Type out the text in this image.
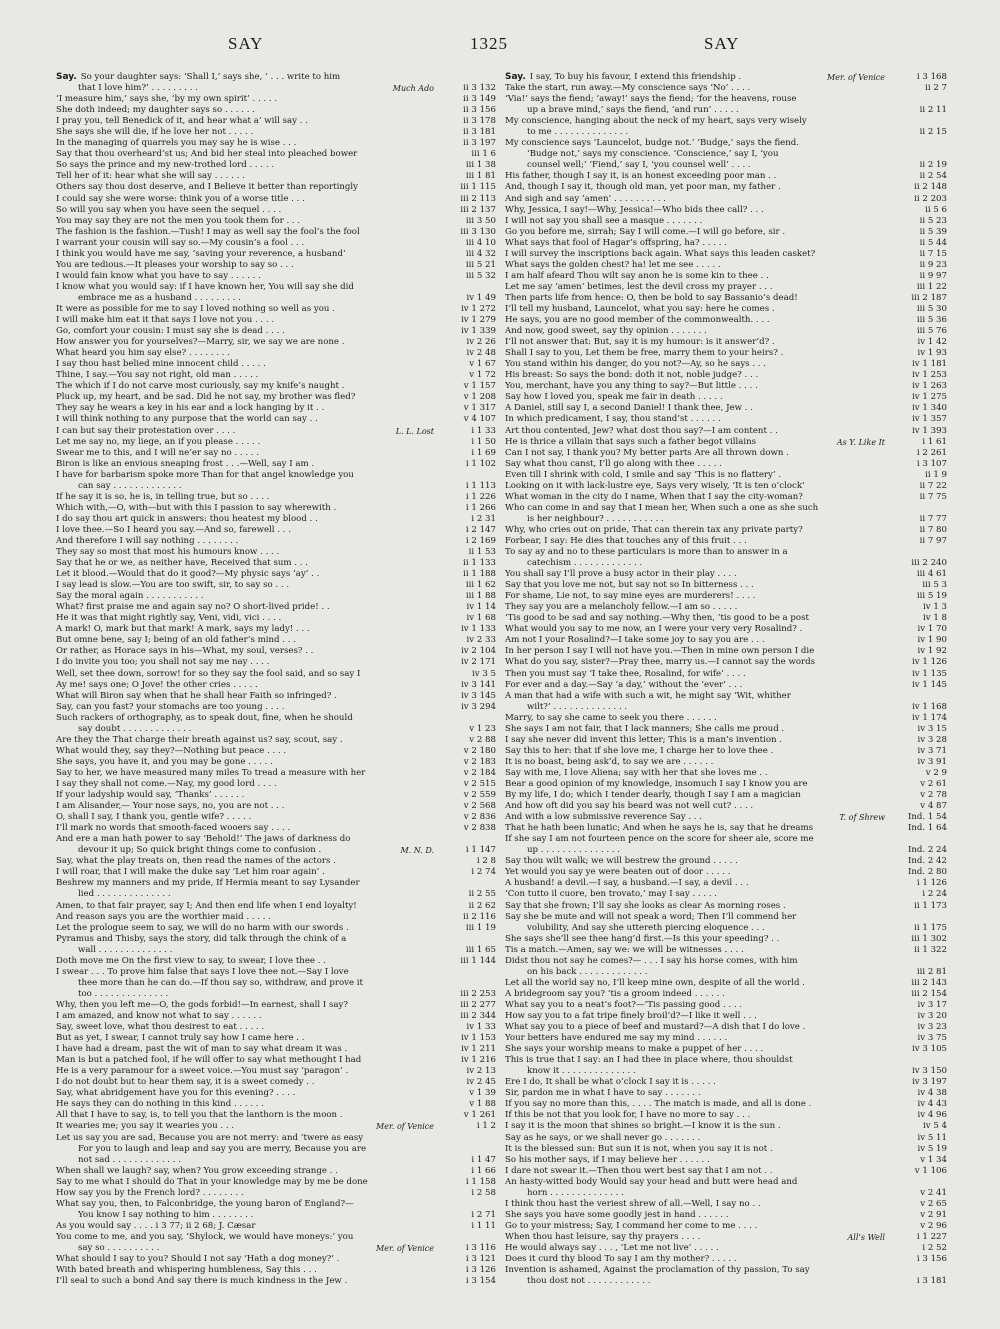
SAY	1325	SAY
Say. So your daughter says: ‘Shall I,’ says she, ‘ . . . write to him
that I love him?’ . . . . . . . . .	Much Ado	ii 3 132
‘I measure him,’ says she, ‘by my own spirit’ . . . . .	ii 3 149
She doth indeed; my daughter says so . . . . . .	ii 3 156
I pray you, tell Benedick of it, and hear what a’ will say . .	ii 3 178
She says she will die, if he love her not . . . . .	ii 3 181
In the managing of quarrels you may say he is wise . . .	ii 3 197
Say that thou overheard’st us; And bid her steal into pleached bower	iii 1 6
So says the prince and my new-trothed lord . . . . .	iii 1 38
Tell her of it: hear what she will say . . . . . .	iii 1 81
Others say thou dost deserve, and I Believe it better than reportingly	iii 1 115
I could say she were worse: think you of a worse title . . .	iii 2 113
So will you say when you have seen the sequel . . . .	iii 2 137
You may say they are not the men you took them for . . .	iii 3 50
The fashion is the fashion.—Tush! I may as well say the fool’s the fool	iii 3 130
I warrant your cousin will say so.—My cousin’s a fool . . .	iii 4 10
I think you would have me say, ‘saving your reverence, a husband’	iii 4 32
You are tedious.—It pleases your worship to say so . . .	iii 5 21
I would fain know what you have to say . . . . . .	iii 5 32
I know what you would say: if I have known her, You will say she did
embrace me as a husband . . . . . . . . .	iv 1 49
It were as possible for me to say I loved nothing so well as you .	iv 1 272
I will make him eat it that says I love not you . . . .	iv 1 279
Go, comfort your cousin: I must say she is dead . . . .	iv 1 339
How answer you for yourselves?—Marry, sir, we say we are none .	iv 2 26
What heard you him say else? . . . . . . . .	iv 2 48
I say thou hast belied mine innocent child . . . . .	v 1 67
Thine, I say.—You say not right, old man . . . . .	v 1 72
The which if I do not carve most curiously, say my knife’s naught .	v 1 157
Pluck up, my heart, and be sad. Did he not say, my brother was fled?	v 1 208
They say he wears a key in his ear and a lock hanging by it . .	v 1 317
I will think nothing to any purpose that the world can say . .	v 4 107
I can but say their protestation over . . . .	L. L. Lost	i 1 33
Let me say no, my liege, an if you please . . . . .	i 1 50
Swear me to this, and I will ne’er say no . . . . .	i 1 69
Biron is like an envious sneaping frost . . .—Well, say I am .	i 1 102
I have for barbarism spoke more Than for that angel knowledge you
can say . . . . . . . . . . . . .	i 1 113
If he say it is so, he is, in telling true, but so . . . .	i 1 226
Which with,—O, with—but with this I passion to say wherewith .	i 1 266
I do say thou art quick in answers: thou heatest my blood . .	i 2 31
I love thee.—So I heard you say.—And so, farewell . . .	i 2 147
And therefore I will say nothing . . . . . . . .	i 2 169
They say so most that most his humours know . . . .	ii 1 53
Say that he or we, as neither have, Received that sum . . .	ii 1 133
Let it blood.—Would that do it good?—My physic says ‘ay’ . .	ii 1 188
I say lead is slow.—You are too swift, sir, to say so . . .	iii 1 62
Say the moral again . . . . . . . . . . .	iii 1 88
What? first praise me and again say no? O short-lived pride! . .	iv 1 14
He it was that might rightly say, Veni, vidi, vici . . . .	iv 1 68
A mark! O, mark but that mark! A mark, says my lady! . . .	iv 1 133
But omne bene, say I; being of an old father’s mind . . .	iv 2 33
Or rather, as Horace says in his—What, my soul, verses? . .	iv 2 104
I do invite you too; you shall not say me nay . . . .	iv 2 171
Well, set thee down, sorrow! for so they say the fool said, and so say I	iv 3 5
Ay me! says one; O Jove! the other cries . . . . .	iv 3 141
What will Biron say when that he shall hear Faith so infringed? .	iv 3 145
Say, can you fast? your stomachs are too young . . . .	iv 3 294
Such rackers of orthography, as to speak dout, fine, when he should
say doubt . . . . . . . . . . . . .	v 1 23
Are they the That charge their breath against us? say, scout, say .	v 2 88
What would they, say they?—Nothing but peace . . . .	v 2 180
She says, you have it, and you may be gone . . . . .	v 2 183
Say to her, we have measured many miles To tread a measure with her	v 2 184
I say they shall not come.—Nay, my good lord . . . .	v 2 515
If your ladyship would say, ‘Thanks’ . . . . . .	v 2 559
I am Alisander,— Your nose says, no, you are not . . .	v 2 568
O, shall I say, I thank you, gentle wife? . . . . .	v 2 836
I’ll mark no words that smooth-faced wooers say . . . .	v 2 838
And ere a man hath power to say ‘Behold!’ The jaws of darkness do
devour it up; So quick bright things come to confusion .	M. N. D.	i 1 147
Say, what the play treats on, then read the names of the actors .	i 2 8
I will roar, that I will make the duke say ‘Let him roar again’ .	i 2 74
Beshrew my manners and my pride, If Hermia meant to say Lysander
lied . . . . . . . . . . . . . .	ii 2 55
Amen, to that fair prayer, say I; And then end life when I end loyalty!	ii 2 62
And reason says you are the worthier maid . . . . .	ii 2 116
Let the prologue seem to say, we will do no harm with our swords .	iii 1 19
Pyramus and Thisby, says the story, did talk through the chink of a
wall . . . . . . . . . . . . . .	iii 1 65
Doth move me On the first view to say, to swear, I love thee . .	iii 1 144
I swear . . . To prove him false that says I love thee not.—Say I love
thee more than he can do.—If thou say so, withdraw, and prove it
too . . . . . . . . . . . . . .	iii 2 253
Why, then you left me—O, the gods forbid!—In earnest, shall I say?	iii 2 277
I am amazed, and know not what to say . . . . . .	iii 2 344
Say, sweet love, what thou desirest to eat . . . . .	iv 1 33
But as yet, I swear, I cannot truly say how I came here . .	iv 1 153
I have had a dream, past the wit of man to say what dream it was .	iv 1 211
Man is but a patched fool, if he will offer to say what methought I had	iv 1 216
He is a very paramour for a sweet voice.—You must say ‘paragon’ .	iv 2 13
I do not doubt but to hear them say, it is a sweet comedy . .	iv 2 45
Say, what abridgement have you for this evening? . . . .	v 1 39
He says they can do nothing in this kind . . . . . .	v 1 88
All that I have to say, is, to tell you that the lanthorn is the moon .	v 1 261
It wearies me; you say it wearies you . . .	Mer. of Venice	i 1 2
Let us say you are sad, Because you are not merry: and ’twere as easy
For you to laugh and leap and say you are merry, Because you are
not sad . . . . . . . . . . . . .	i 1 47
When shall we laugh? say, when? You grow exceeding strange . .	i 1 66
Say to me what I should do That in your knowledge may by me be done	i 1 158
How say you by the French lord? . . . . . . . .	i 2 58
What say you, then, to Falconbridge, the young baron of England?—
You know I say nothing to him . . . . . . . .	i 2 71
As you would say . . . . i 3 77; ii 2 68; J. Cæsar	i 1 11
You come to me, and you say, ‘Shylock, we would have moneys:’ you
say so . . . . . . . . . .	Mer. of Venice	i 3 116
What should I say to you? Should I not say ‘Hath a dog money?’ .	i 3 121
With bated breath and whispering humbleness, Say this . . .	i 3 126
I’ll seal to such a bond And say there is much kindness in the Jew .	i 3 154
Say. I say, To buy his favour, I extend this friendship .	Mer. of Venice	i 3 168
Take the start, run away.—My conscience says ‘No’ . . . .	ii 2 7
‘Via!’ says the fiend; ‘away!’ says the fiend; ‘for the heavens, rouse
up a brave mind,’ says the fiend, ‘and run’ . . . . .	ii 2 11
My conscience, hanging about the neck of my heart, says very wisely
to me . . . . . . . . . . . . . .	ii 2 15
My conscience says ‘Launcelot, budge not.’ ‘Budge,’ says the fiend.
‘Budge not,’ says my conscience. ‘Conscience,’ say I, ‘you
counsel well;’ ‘Fiend,’ say I, ‘you counsel well’ . . . .	ii 2 19
His father, though I say it, is an honest exceeding poor man . .	ii 2 54
And, though I say it, though old man, yet poor man, my father .	ii 2 148
And sigh and say ‘amen’ . . . . . . . . . .	ii 2 203
Why, Jessica, I say!—Why, Jessica!—Who bids thee call? . . .	ii 5 6
I will not say you shall see a masque . . . . . . .	ii 5 23
Go you before me, sirrah; Say I will come.—I will go before, sir .	ii 5 39
What says that fool of Hagar’s offspring, ha? . . . . .	ii 5 44
I will survey the inscriptions back again. What says this leaden casket?	ii 7 15
What says the golden chest? ha! let me see . . . . .	ii 9 23
I am half afeard Thou wilt say anon he is some kin to thee . .	ii 9 97
Let me say ‘amen’ betimes, lest the devil cross my prayer . . .	iii 1 22
Then parts life from hence: O, then be bold to say Bassanio’s dead!	iii 2 187
I’ll tell my husband, Launcelot, what you say: here he comes .	iii 5 30
He says, you are no good member of the commonwealth. . . .	iii 5 36
And now, good sweet, say thy opinion . . . . . . .	iii 5 76
I’ll not answer that: But, say it is my humour: is it answer’d? .	iv 1 42
Shall I say to you, Let them be free, marry them to your heirs? .	iv 1 93
You stand within his danger, do you not?—Ay, so he says . . .	iv 1 181
His breast: So says the bond: doth it not, noble judge? . . .	iv 1 253
You, merchant, have you any thing to say?—But little . . . .	iv 1 263
Say how I loved you, speak me fair in death . . . . .	iv 1 275
A Daniel, still say I, a second Daniel! I thank thee, Jew . .	iv 1 340
In which predicament, I say, thou stand’st . . . . . .	iv 1 357
Art thou contented, Jew? what dost thou say?—I am content . .	iv 1 393
He is thrice a villain that says such a father begot villains	As Y. Like It	i 1 61
Can I not say, I thank you? My better parts Are all thrown down .	i 2 261
Say what thou canst, I’ll go along with thee . . . . .	i 3 107
Even till I shrink with cold, I smile and say ‘This is no flattery’ .	ii 1 9
Looking on it with lack-lustre eye, Says very wisely, ‘It is ten o’clock’	ii 7 22
What woman in the city do I name, When that I say the city-woman?	ii 7 75
Who can come in and say that I mean her, When such a one as she such
is her neighbour? . . . . . . . . . . .	ii 7 77
Why, who cries out on pride, That can therein tax any private party?	ii 7 80
Forbear, I say: He dies that touches any of this fruit . . .	ii 7 97
To say ay and no to these particulars is more than to answer in a
catechism . . . . . . . . . . . . .	iii 2 240
You shall say I’ll prove a busy actor in their play . . . .	iii 4 61
Say that you love me not, but say not so In bitterness . . .	iii 5 3
For shame, Lie not, to say mine eyes are murderers! . . . .	iii 5 19
They say you are a melancholy fellow.—I am so . . . . .	iv 1 3
’Tis good to be sad and say nothing.—Why then, ’tis good to be a post	iv 1 8
What would you say to me now, an I were your very very Rosalind? .	iv 1 70
Am not I your Rosalind?—I take some joy to say you are . . .	iv 1 90
In her person I say I will not have you.—Then in mine own person I die	iv 1 92
What do you say, sister?—Pray thee, marry us.—I cannot say the words	iv 1 126
Then you must say ‘I take thee, Rosalind, for wife’ . . . .	iv 1 135
For ever and a day.—Say ‘a day,’ without the ‘ever’ . . .	iv 1 145
A man that had a wife with such a wit, he might say ‘Wit, whither
wilt?’ . . . . . . . . . . . . . .	iv 1 168
Marry, to say she came to seek you there . . . . . .	iv 1 174
She says I am not fair, that I lack manners; She calls me proud .	iv 3 15
I say she never did invent this letter; This is a man’s invention .	iv 3 28
Say this to her: that if she love me, I charge her to love thee .	iv 3 71
It is no boast, being ask’d, to say we are . . . . . .	iv 3 91
Say with me, I love Aliena; say with her that she loves me . .	v 2 9
Bear a good opinion of my knowledge, insomuch I say I know you are	v 2 61
By my life, I do; which I tender dearly, though I say I am a magician	v 2 78
And how oft did you say his beard was not well cut? . . . .	v 4 87
And with a low submissive reverence Say . . .	T. of Shrew	Ind. 1 54
That he hath been lunatic; And when he says he is, say that he dreams	Ind. 1 64
If she say I am not fourteen pence on the score for sheer ale, score me
up . . . . . . . . . . . . . . .	Ind. 2 24
Say thou wilt walk; we will bestrew the ground . . . . .	Ind. 2 42
Yet would you say ye were beaten out of door . . . . .	Ind. 2 80
A husband! a devil.—I say, a husband.—I say, a devil . . .	i 1 126
‘Con tutto il cuore, ben trovato,’ may I say . . . . .	i 2 24
Say that she frown; I’ll say she looks as clear As morning roses .	ii 1 173
Say she be mute and will not speak a word; Then I’ll commend her
volubility, And say she uttereth piercing eloquence . . .	ii 1 175
She says she’ll see thee hang’d first.—Is this your speeding? . .	iii 1 302
Tis a match.—Amen, say we: we will be witnesses . . . .	ii 1 322
Didst thou not say he comes?— . . . I say his horse comes, with him
on his back . . . . . . . . . . . . .	iii 2 81
Let all the world say no, I’ll keep mine own, despite of all the world .	iii 2 143
A bridegroom say you? ’tis a groom indeed . . . . . .	iii 2 154
What say you to a neat’s foot?—’Tis passing good . . . .	iv 3 17
How say you to a fat tripe finely broil’d?—I like it well . . .	iv 3 20
What say you to a piece of beef and mustard?—A dish that I do love .	iv 3 23
Your betters have endured me say my mind . . . . . .	iv 3 75
She says your worship means to make a puppet of her . . . .	iv 3 105
This is true that I say: an I had thee in place where, thou shouldst
know it . . . . . . . . . . . . . .	iv 3 150
Ere I do, It shall be what o’clock I say it is . . . . .	iv 3 197
Sir, pardon me in what I have to say . . . . . . .	iv 4 38
If you say no more than this, . . . . The match is made, and all is done .	iv 4 43
If this be not that you look for, I have no more to say . . .	iv 4 96
I say it is the moon that shines so bright.—I know it is the sun .	iv 5 4
Say as he says, or we shall never go . . . . . . .	iv 5 11
It is the blessed sun: But sun it is not, when you say it is not .	iv 5 19
So his mother says, if I may believe her . . . . . .	v 1 34
I dare not swear it.—Then thou wert best say that I am not . .	v 1 106
An hasty-witted body Would say your head and butt were head and
horn . . . . . . . . . . . . . .	v 2 41
I think thou hast the veriest shrew of all.—Well, I say no . .	v 2 65
She says you have some goodly jest in hand . . . . . .	v 2 91
Go to your mistress; Say, I command her come to me . . . .	v 2 96
When thou hast leisure, say thy prayers . . . .	All’s Well	i 1 227
He would always say . . . , ‘Let me not live’ . . . . .	i 2 52
Does it curd thy blood To say I am thy mother? . . . . .	i 3 156
Invention is ashamed, Against the proclamation of thy passion, To say
thou dost not . . . . . . . . . . . .	i 3 181
